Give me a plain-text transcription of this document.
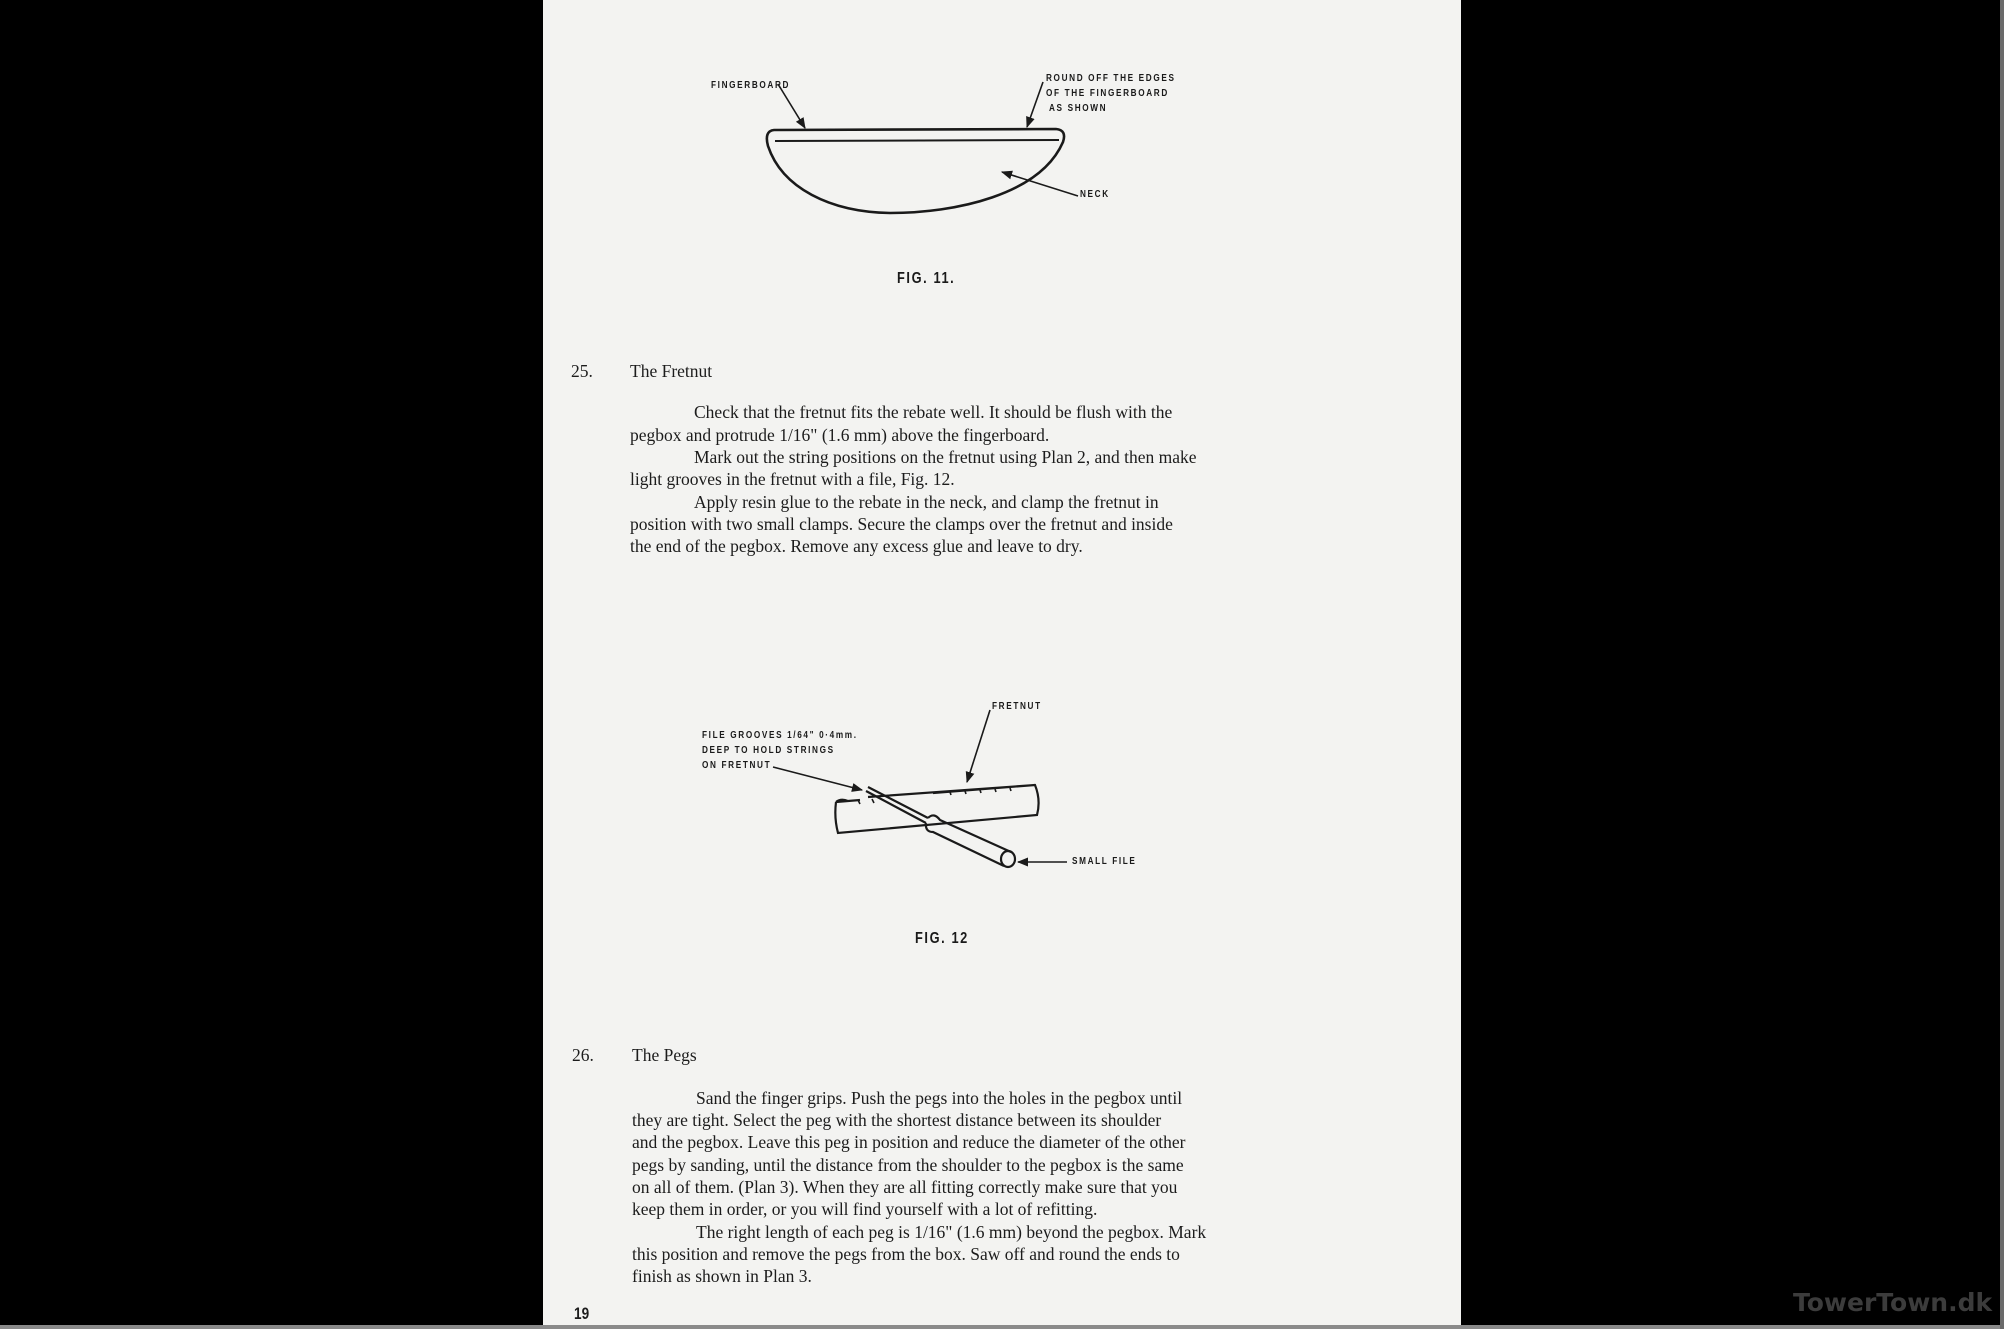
FINGERBOARD
ROUND OFF THE EDGES
OF THE FINGERBOARD
AS SHOWN
NECK
FIG. 11.
25. The Fretnut
Check that the fretnut fits the rebate well. It should be flush with the
pegbox and protrude 1/16" (1.6 mm) above the fingerboard.
Mark out the string positions on the fretnut using Plan 2, and then make
light grooves in the fretnut with a file, Fig. 12.
Apply resin glue to the rebate in the neck, and clamp the fretnut in
position with two small clamps. Secure the clamps over the fretnut and inside
the end of the pegbox. Remove any excess glue and leave to dry.
FRETNUT
FILE GROOVES 1/64" 0·4mm.
DEEP TO HOLD STRINGS
ON FRETNUT
SMALL FILE
FIG. 12
26. The Pegs
Sand the finger grips. Push the pegs into the holes in the pegbox until
they are tight. Select the peg with the shortest distance between its shoulder
and the pegbox. Leave this peg in position and reduce the diameter of the other
pegs by sanding, until the distance from the shoulder to the pegbox is the same
on all of them. (Plan 3). When they are all fitting correctly make sure that you
keep them in order, or you will find yourself with a lot of refitting.
The right length of each peg is 1/16" (1.6 mm) beyond the pegbox. Mark
this position and remove the pegs from the box. Saw off and round the ends to
finish as shown in Plan 3.
19	TowerTown.dk
